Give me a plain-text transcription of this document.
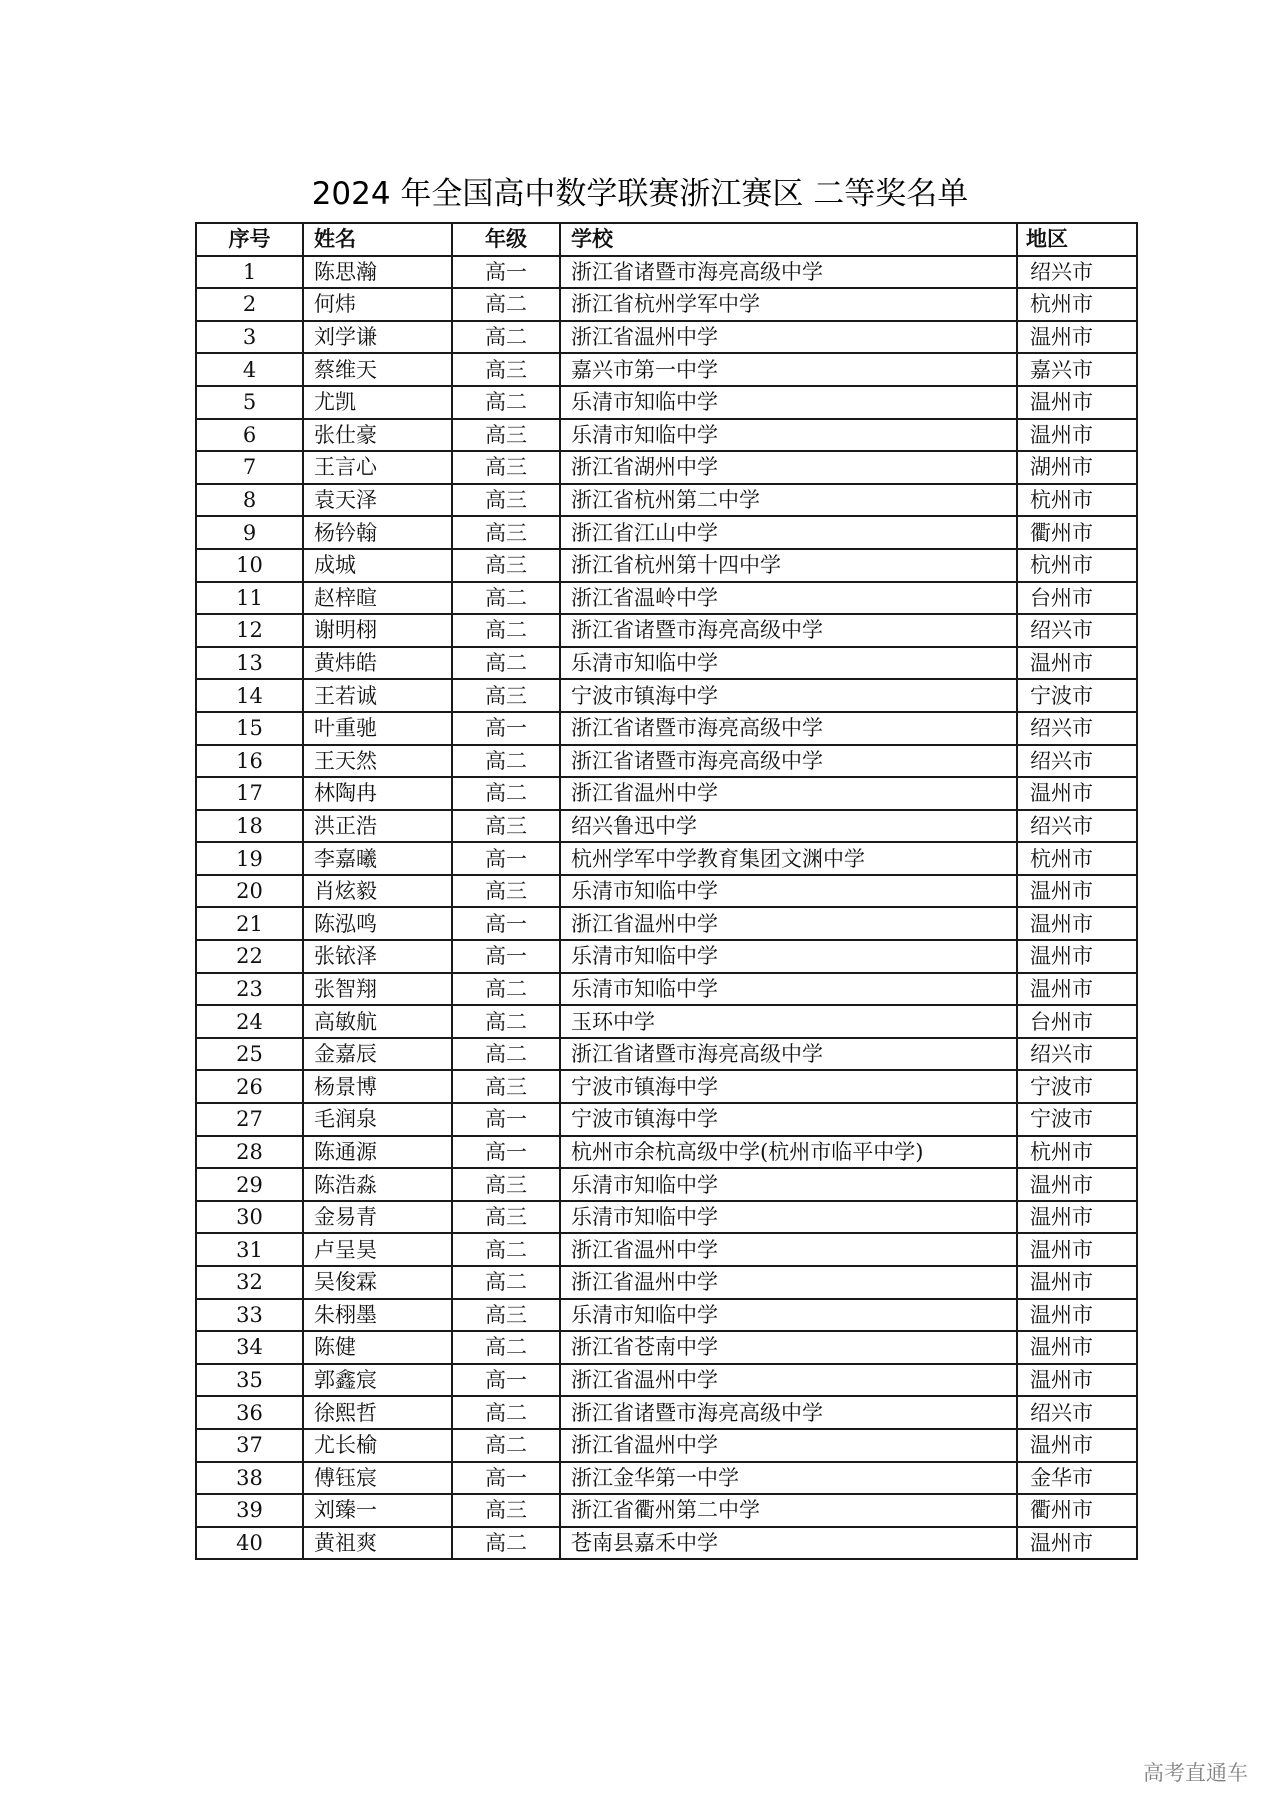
2024 年全国高中数学联赛浙江赛区 二等奖名单
序号	姓名	年级	学校	地区
1	陈思瀚	高一	浙江省诸暨市海亮高级中学	绍兴市
2	何炜	高二	浙江省杭州学军中学	杭州市
3	刘学谦	高二	浙江省温州中学	温州市
4	蔡维天	高三	嘉兴市第一中学	嘉兴市
5	尤凯	高二	乐清市知临中学	温州市
6	张仕豪	高三	乐清市知临中学	温州市
7	王言心	高三	浙江省湖州中学	湖州市
8	袁天泽	高三	浙江省杭州第二中学	杭州市
9	杨钤翰	高三	浙江省江山中学	衢州市
10	成城	高三	浙江省杭州第十四中学	杭州市
11	赵梓暄	高二	浙江省温岭中学	台州市
12	谢明栩	高二	浙江省诸暨市海亮高级中学	绍兴市
13	黄炜皓	高二	乐清市知临中学	温州市
14	王若诚	高三	宁波市镇海中学	宁波市
15	叶重驰	高一	浙江省诸暨市海亮高级中学	绍兴市
16	王天然	高二	浙江省诸暨市海亮高级中学	绍兴市
17	林陶冉	高二	浙江省温州中学	温州市
18	洪正浩	高三	绍兴鲁迅中学	绍兴市
19	李嘉曦	高一	杭州学军中学教育集团文渊中学	杭州市
20	肖炫毅	高三	乐清市知临中学	温州市
21	陈泓鸣	高一	浙江省温州中学	温州市
22	张铱泽	高一	乐清市知临中学	温州市
23	张智翔	高二	乐清市知临中学	温州市
24	高敏航	高二	玉环中学	台州市
25	金嘉辰	高二	浙江省诸暨市海亮高级中学	绍兴市
26	杨景博	高三	宁波市镇海中学	宁波市
27	毛润泉	高一	宁波市镇海中学	宁波市
28	陈通源	高一	杭州市余杭高级中学(杭州市临平中学)	杭州市
29	陈浩淼	高三	乐清市知临中学	温州市
30	金易青	高三	乐清市知临中学	温州市
31	卢呈昊	高二	浙江省温州中学	温州市
32	吴俊霖	高二	浙江省温州中学	温州市
33	朱栩墨	高三	乐清市知临中学	温州市
34	陈健	高二	浙江省苍南中学	温州市
35	郭鑫宸	高一	浙江省温州中学	温州市
36	徐熙哲	高二	浙江省诸暨市海亮高级中学	绍兴市
37	尤长榆	高二	浙江省温州中学	温州市
38	傅钰宸	高一	浙江金华第一中学	金华市
39	刘臻一	高三	浙江省衢州第二中学	衢州市
40	黄祖爽	高二	苍南县嘉禾中学	温州市
高考直通车
